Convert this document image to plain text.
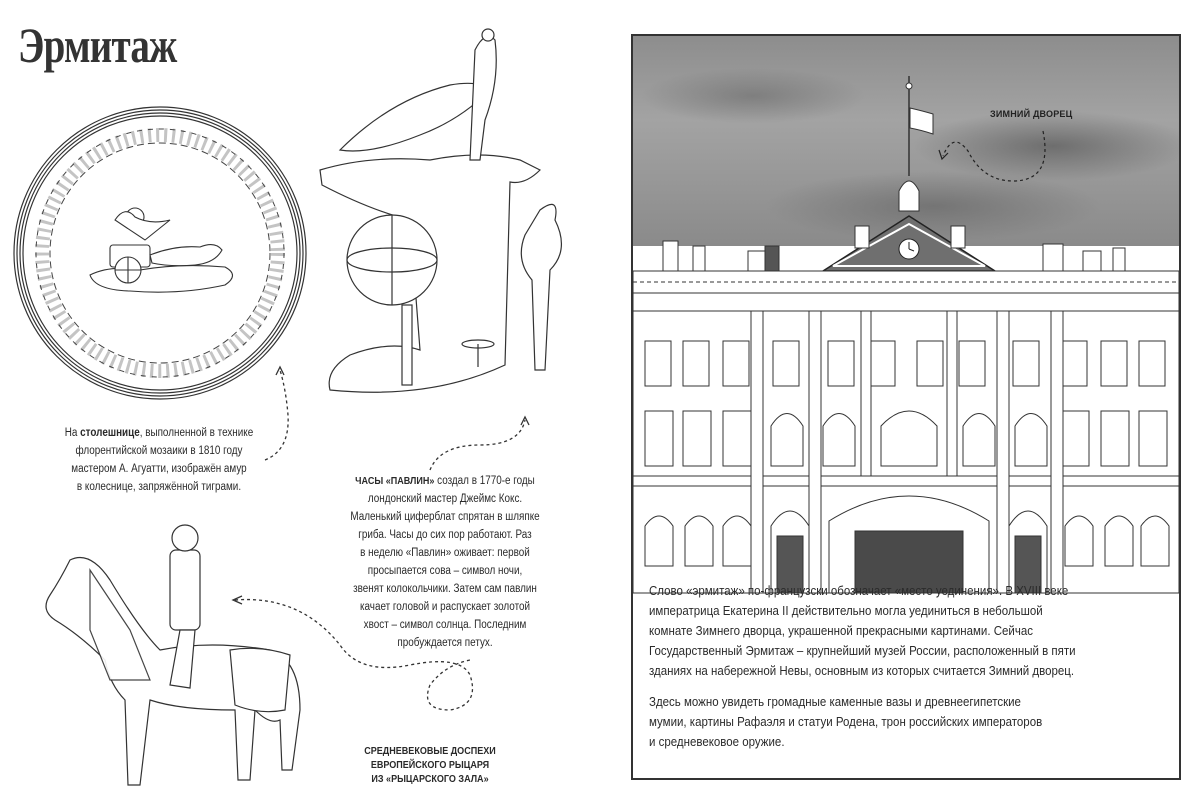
Эрмитаж
На столешнице, выполненной в технике
флорентийской мозаики в 1810 году
мастером А. Агуатти, изображён амур
в колеснице, запряжённой тиграми.	ЧАСЫ «ПАВЛИН» создал в 1770-е годы
лондонский мастер Джеймс Кокс.
Маленький циферблат спрятан в шляпке
гриба. Часы до сих пор работают. Раз
в неделю «Павлин» оживает: первой
просыпается сова – символ ночи,
звенят колокольчики. Затем сам павлин
качает головой и распускает золотой
хвост – символ солнца. Последним
пробуждается петух.
СРЕДНЕВЕКОВЫЕ ДОСПЕХИ
ЕВРОПЕЙСКОГО РЫЦАРЯ
ИЗ «РЫЦАРСКОГО ЗАЛА»
ЗИМНИЙ ДВОРЕЦ
Слово «эрмитаж» по-французски обозначает «место уединения». В XVIII веке
императрица Екатерина II действительно могла уединиться в небольшой
комнате Зимнего дворца, украшенной прекрасными картинами. Сейчас
Государственный Эрмитаж – крупнейший музей России, расположенный в пяти
зданиях на набережной Невы, основным из которых считается Зимний дворец.
Здесь можно увидеть громадные каменные вазы и древнеегипетские
мумии, картины Рафаэля и статуи Родена, трон российских императоров
и средневековое оружие.
